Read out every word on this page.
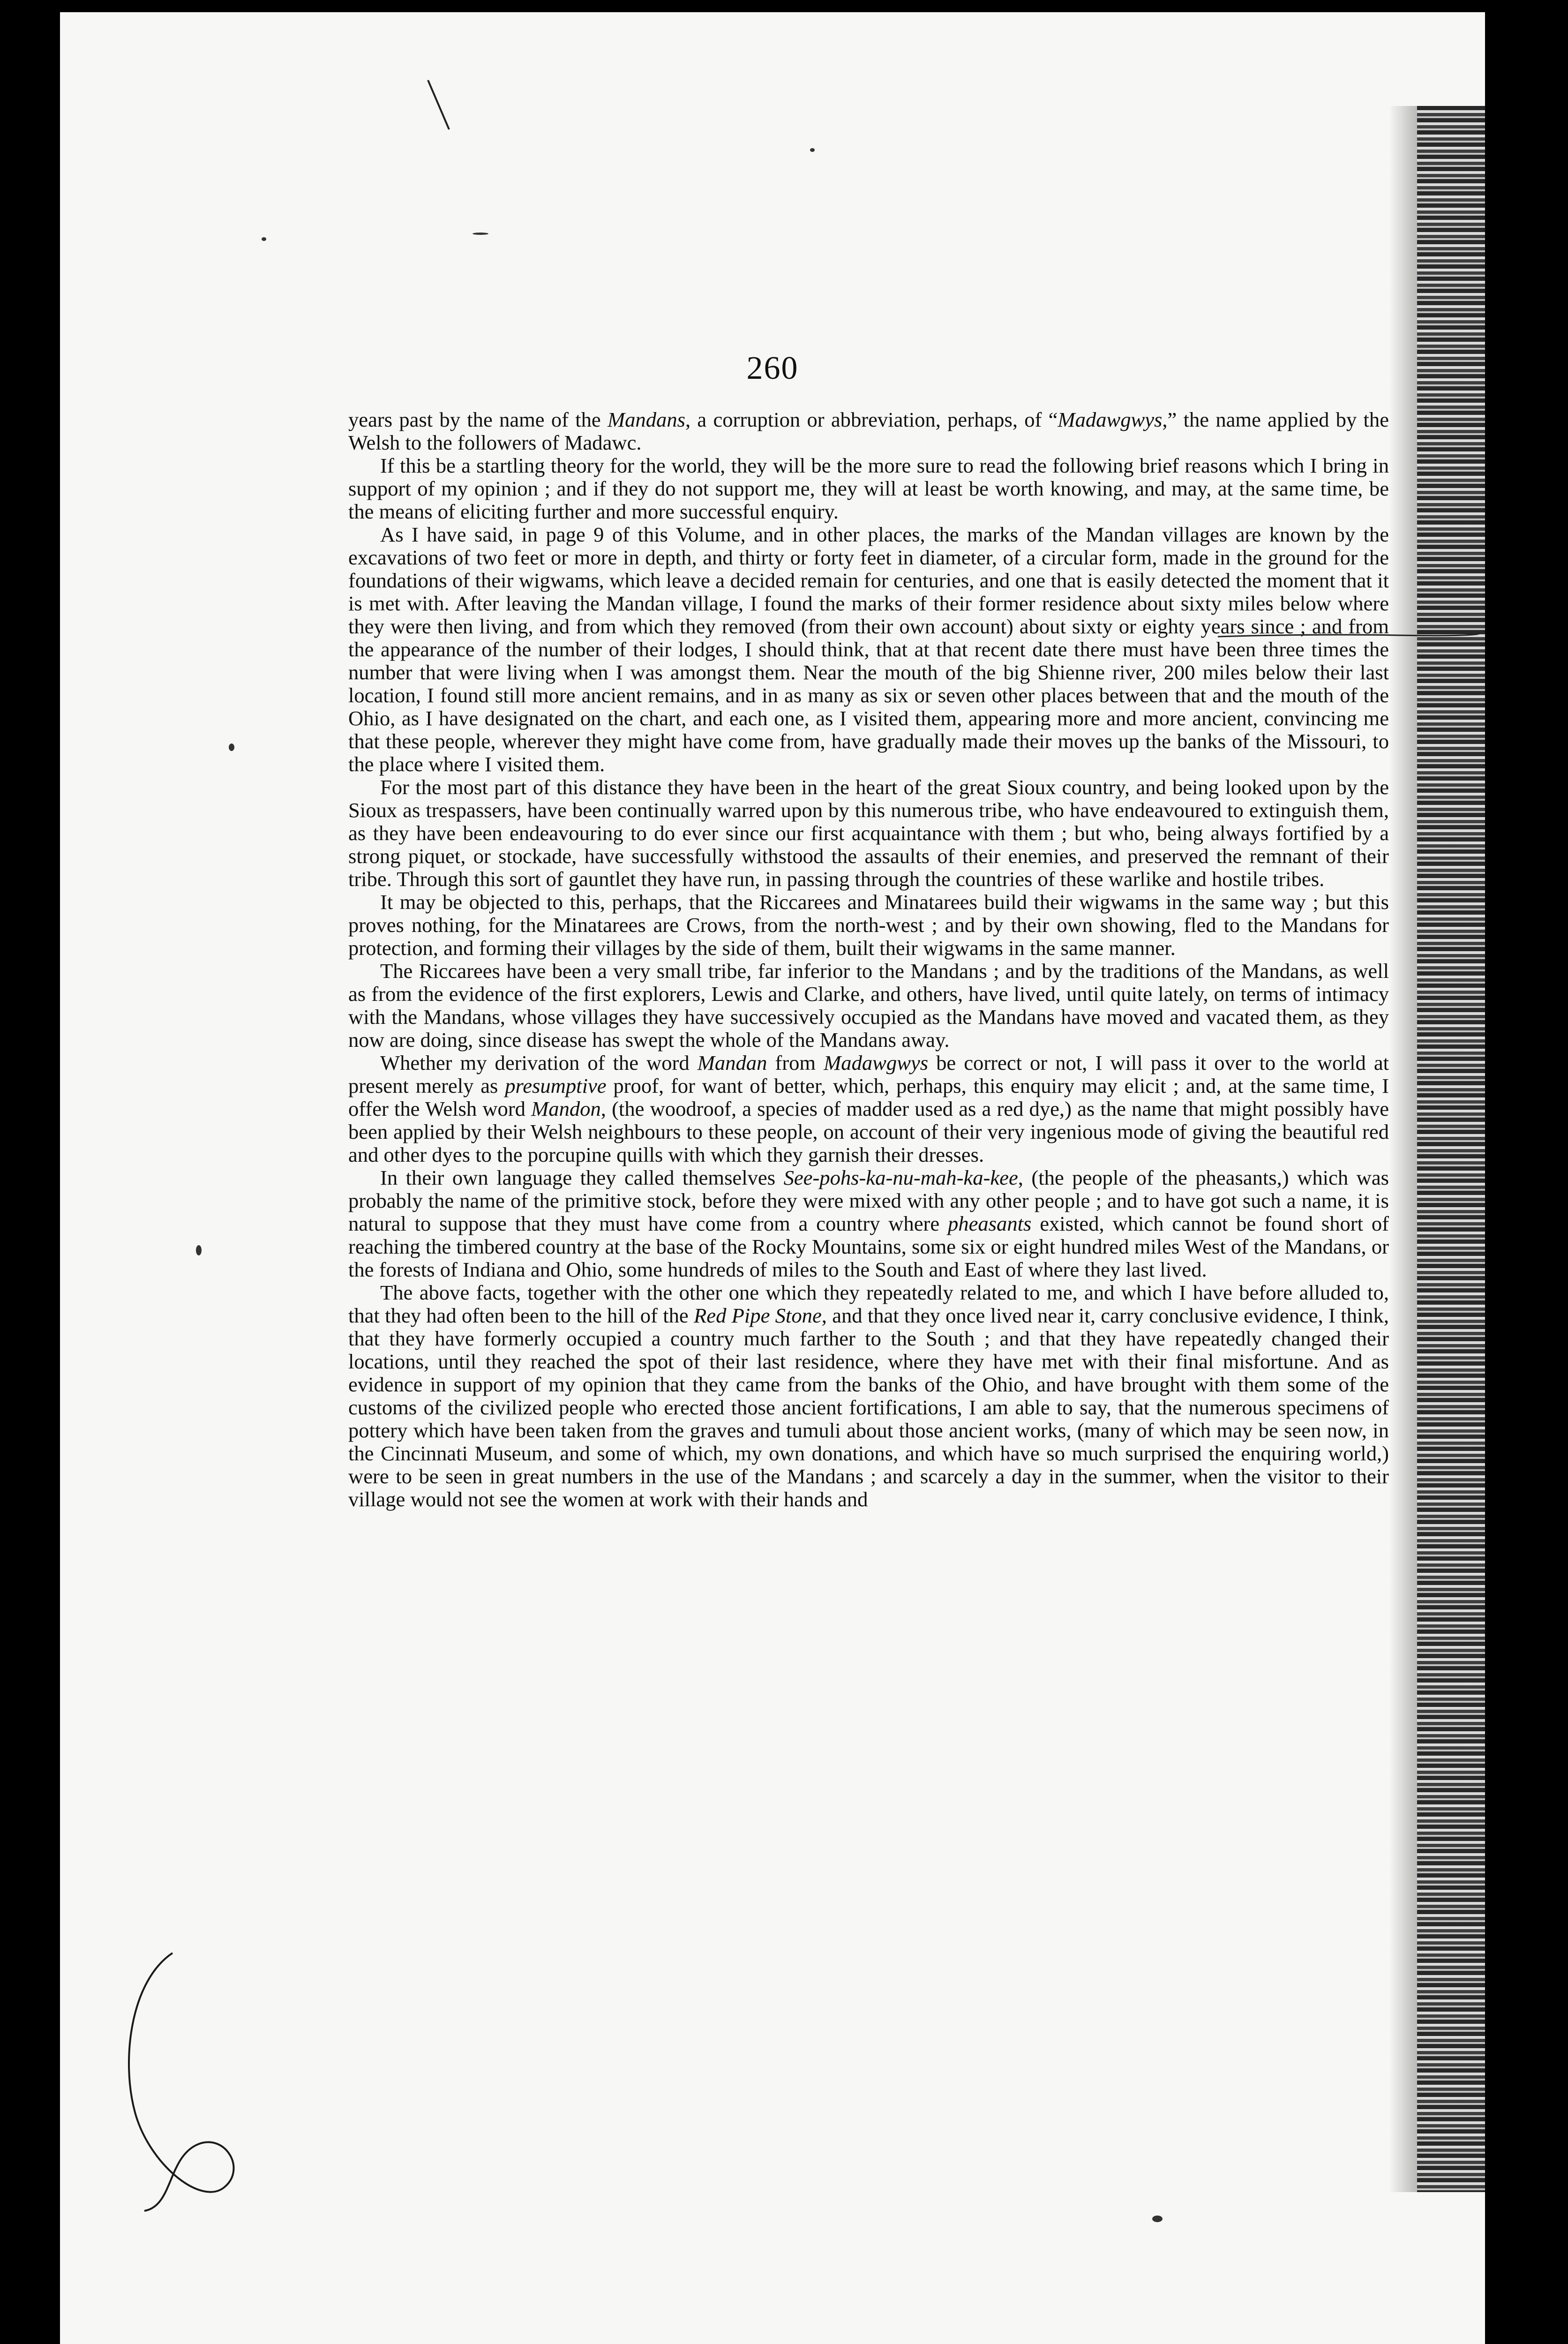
260

years past by the name of the Mandans, a corruption or abbreviation, perhaps, of “Madawgwys,” the name applied by the Welsh to the followers of Madawc.

If this be a startling theory for the world, they will be the more sure to read the following brief reasons which I bring in support of my opinion ; and if they do not support me, they will at least be worth knowing, and may, at the same time, be the means of eliciting further and more successful enquiry.

As I have said, in page 9 of this Volume, and in other places, the marks of the Mandan villages are known by the excavations of two feet or more in depth, and thirty or forty feet in diameter, of a circular form, made in the ground for the foundations of their wigwams, which leave a decided remain for centuries, and one that is easily detected the moment that it is met with. After leaving the Mandan village, I found the marks of their former residence about sixty miles below where they were then living, and from which they removed (from their own account) about sixty or eighty years since ; and from the appearance of the number of their lodges, I should think, that at that recent date there must have been three times the number that were living when I was amongst them. Near the mouth of the big Shienne river, 200 miles below their last location, I found still more ancient remains, and in as many as six or seven other places between that and the mouth of the Ohio, as I have designated on the chart, and each one, as I visited them, appearing more and more ancient, convincing me that these people, wherever they might have come from, have gradually made their moves up the banks of the Missouri, to the place where I visited them.

For the most part of this distance they have been in the heart of the great Sioux country, and being looked upon by the Sioux as trespassers, have been continually warred upon by this numerous tribe, who have endeavoured to extinguish them, as they have been endeavouring to do ever since our first acquaintance with them ; but who, being always fortified by a strong piquet, or stockade, have successfully withstood the assaults of their enemies, and preserved the remnant of their tribe. Through this sort of gauntlet they have run, in passing through the countries of these warlike and hostile tribes.

It may be objected to this, perhaps, that the Riccarees and Minatarees build their wigwams in the same way ; but this proves nothing, for the Minatarees are Crows, from the north-west ; and by their own showing, fled to the Mandans for protection, and forming their villages by the side of them, built their wigwams in the same manner.

The Riccarees have been a very small tribe, far inferior to the Mandans ; and by the traditions of the Mandans, as well as from the evidence of the first explorers, Lewis and Clarke, and others, have lived, until quite lately, on terms of intimacy with the Mandans, whose villages they have successively occupied as the Mandans have moved and vacated them, as they now are doing, since disease has swept the whole of the Mandans away.

Whether my derivation of the word Mandan from Madawgwys be correct or not, I will pass it over to the world at present merely as presumptive proof, for want of better, which, perhaps, this enquiry may elicit ; and, at the same time, I offer the Welsh word Mandon, (the woodroof, a species of madder used as a red dye,) as the name that might possibly have been applied by their Welsh neighbours to these people, on account of their very ingenious mode of giving the beautiful red and other dyes to the porcupine quills with which they garnish their dresses.

In their own language they called themselves See-pohs-ka-nu-mah-ka-kee, (the people of the pheasants,) which was probably the name of the primitive stock, before they were mixed with any other people ; and to have got such a name, it is natural to suppose that they must have come from a country where pheasants existed, which cannot be found short of reaching the timbered country at the base of the Rocky Mountains, some six or eight hundred miles West of the Mandans, or the forests of Indiana and Ohio, some hundreds of miles to the South and East of where they last lived.

The above facts, together with the other one which they repeatedly related to me, and which I have before alluded to, that they had often been to the hill of the Red Pipe Stone, and that they once lived near it, carry conclusive evidence, I think, that they have formerly occupied a country much farther to the South ; and that they have repeatedly changed their locations, until they reached the spot of their last residence, where they have met with their final misfortune. And as evidence in support of my opinion that they came from the banks of the Ohio, and have brought with them some of the customs of the civilized people who erected those ancient fortifications, I am able to say, that the numerous specimens of pottery which have been taken from the graves and tumuli about those ancient works, (many of which may be seen now, in the Cincinnati Museum, and some of which, my own donations, and which have so much surprised the enquiring world,) were to be seen in great numbers in the use of the Mandans ; and scarcely a day in the summer, when the visitor to their village would not see the women at work with their hands and
